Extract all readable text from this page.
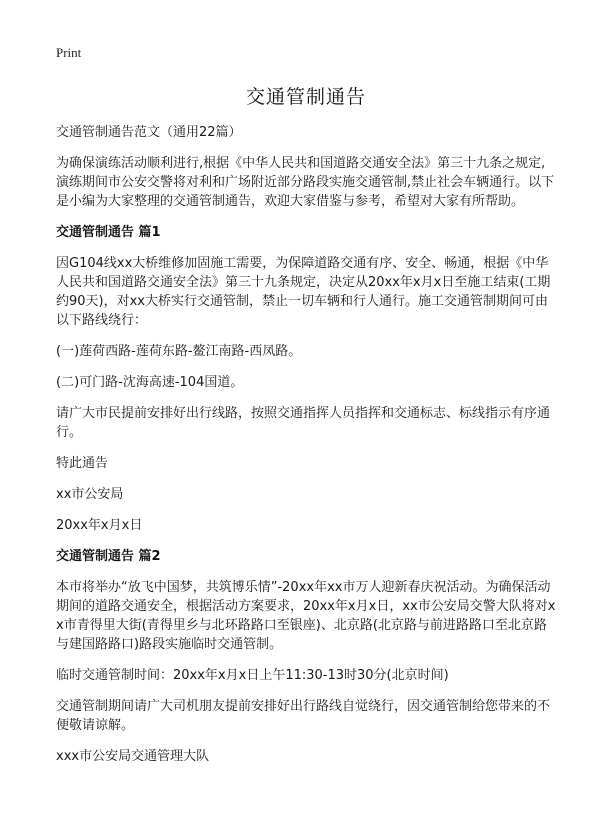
Print
交通管制通告

交通管制通告范文（通用22篇）

为确保演练活动顺利进行,根据《中华人民共和国道路交通安全法》第三十九条之规定,演练期间市公安交警将对利和广场附近部分路段实施交通管制,禁止社会车辆通行。以下是小编为大家整理的交通管制通告，欢迎大家借鉴与参考，希望对大家有所帮助。

交通管制通告 篇1

因G104线xx大桥维修加固施工需要，为保障道路交通有序、安全、畅通，根据《中华人民共和国道路交通安全法》第三十九条规定，决定从20xx年x月x日至施工结束(工期约90天)，对xx大桥实行交通管制，禁止一切车辆和行人通行。施工交通管制期间可由以下路线绕行：

(一)莲荷西路-莲荷东路-鳌江南路-西凤路。

(二)可门路-沈海高速-104国道。

请广大市民提前安排好出行线路，按照交通指挥人员指挥和交通标志、标线指示有序通行。

特此通告

xx市公安局

20xx年x月x日

交通管制通告 篇2

本市将举办“放飞中国梦，共筑博乐情”-20xx年xx市万人迎新春庆祝活动。为确保活动期间的道路交通安全，根据活动方案要求，20xx年x月x日，xx市公安局交警大队将对xx市青得里大街(青得里乡与北环路路口至银座)、北京路(北京路与前进路路口至北京路与建国路路口)路段实施临时交通管制。

临时交通管制时间：20xx年x月x日上午11:30-13时30分(北京时间)

交通管制期间请广大司机朋友提前安排好出行路线自觉绕行，因交通管制给您带来的不便敬请谅解。

xxx市公安局交通管理大队
